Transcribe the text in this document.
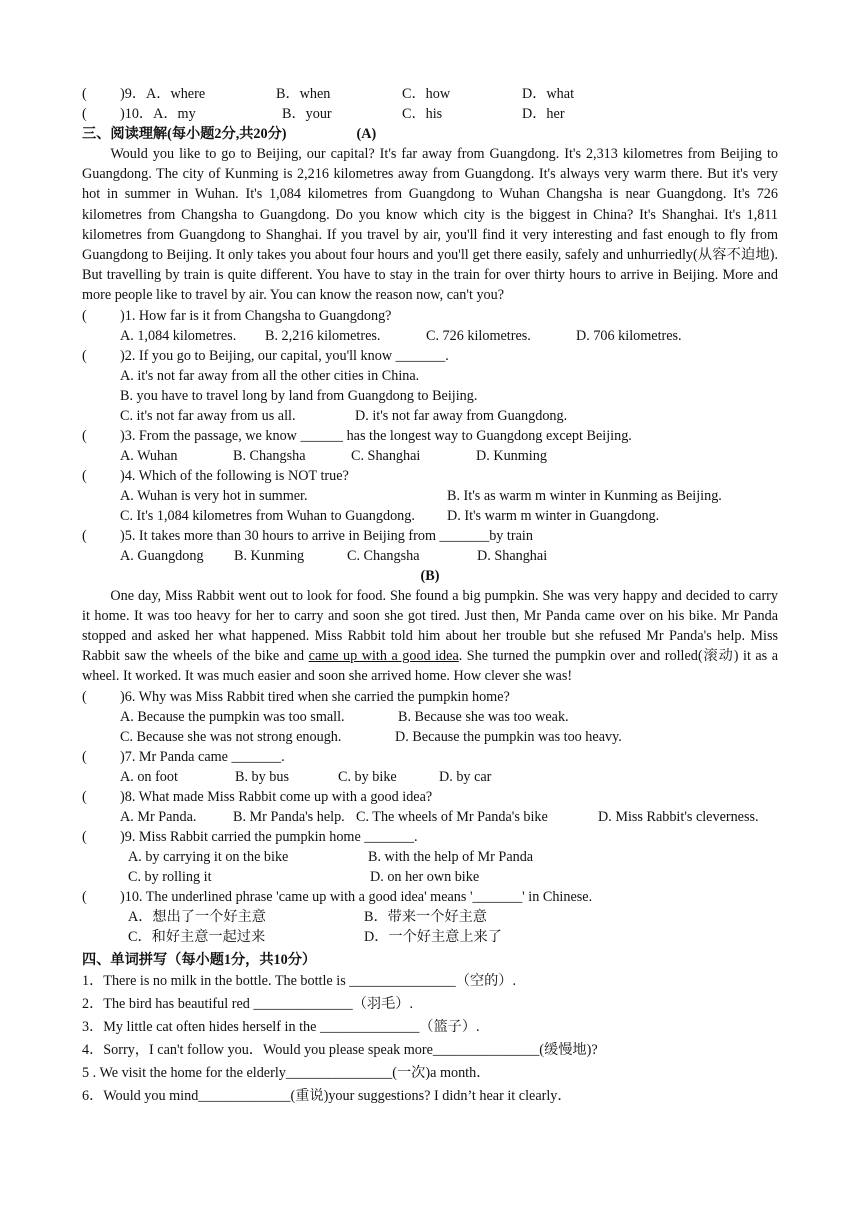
(	)9．A．where	B．when	C．how	D．what
(	)10．A．my	B．your	C．his	D．her
三、阅读理解(每小题2分,共20分)	(A)

Would you like to go to Beijing, our capital? It's far away from Guangdong. It's 2,313 kilometres from Beijing to Guangdong. The city of Kunming is 2,216 kilometres away from Guangdong. It's always very warm there. But it's very hot in summer in Wuhan. It's 1,084 kilometres from Guangdong to Wuhan Changsha is near Guangdong. It's 726 kilometres from Changsha to Guangdong. Do you know which city is the biggest in China? It's Shanghai. It's 1,811 kilometres from Guangdong to Shanghai. If you travel by air, you'll find it very interesting and fast enough to fly from Guangdong to Beijing. It only takes you about four hours and you'll get there easily, safely and unhurriedly(从容不迫地). But travelling by train is quite different. You have to stay in the train for over thirty hours to arrive in Beijing. More and more people like to travel by air. You can know the reason now, can't you?

(	)1. How far is it from Changsha to Guangdong?
A. 1,084 kilometres.	B. 2,216 kilometres.	C. 726 kilometres.	D. 706 kilometres.
(	)2. If you go to Beijing, our capital, you'll know _______.
A. it's not far away from all the other cities in China.
B. you have to travel long by land from Guangdong to Beijing.
C. it's not far away from us all.	D. it's not far away from Guangdong.
(	)3. From the passage, we know ______ has the longest way to Guangdong except Beijing.
A. Wuhan	B. Changsha	C. Shanghai	D. Kunming
(	)4. Which of the following is NOT true?
A. Wuhan is very hot in summer.	B. It's as warm m winter in Kunming as Beijing.
C. It's 1,084 kilometres from Wuhan to Guangdong.	D. It's warm m winter in Guangdong.
(	)5. It takes more than 30 hours to arrive in Beijing from _______by train
A. Guangdong	B. Kunming	C. Changsha	D. Shanghai
(B)

One day, Miss Rabbit went out to look for food. She found a big pumpkin. She was very happy and decided to carry it home. It was too heavy for her to carry and soon she got tired. Just then, Mr Panda came over on his bike. Mr Panda stopped and asked her what happened. Miss Rabbit told him about her trouble but she refused Mr Panda's help. Miss Rabbit saw the wheels of the bike and came up with a good idea. She turned the pumpkin over and rolled(滚动) it as a wheel. It worked. It was much easier and soon she arrived home. How clever she was!

(	)6. Why was Miss Rabbit tired when she carried the pumpkin home?
A. Because the pumpkin was too small.	B. Because she was too weak.
C. Because she was not strong enough.	D. Because the pumpkin was too heavy.
(	)7. Mr Panda came _______.
A. on foot	B. by bus	C. by bike	D. by car
(	)8. What made Miss Rabbit come up with a good idea?
A. Mr Panda.	B. Mr Panda's help. C. The wheels of Mr Panda's bike	D. Miss Rabbit's cleverness.
(	)9. Miss Rabbit carried the pumpkin home _______.
A. by carrying it on the bike	B. with the help of Mr Panda
C. by rolling it	D. on her own bike
(	)10. The underlined phrase 'came up with a good idea' means '_______' in Chinese.
A．想出了一个好主意	B．带来一个好主意
C．和好主意一起过来	D．一个好主意上来了
四、单词拼写（每小题1分，共10分）
1．There is no milk in the bottle. The bottle is _______________（空的）.
2．The bird has beautiful red ______________（羽毛）.
3．My little cat often hides herself in the ______________（篮子）.
4．Sorry，I can't follow you．Would you please speak more_______________(缓慢地)?
5 . We visit the home for the elderly_______________(一次)a month．
6．Would you mind_____________(重说)your suggestions? I didn’t hear it clearly．
